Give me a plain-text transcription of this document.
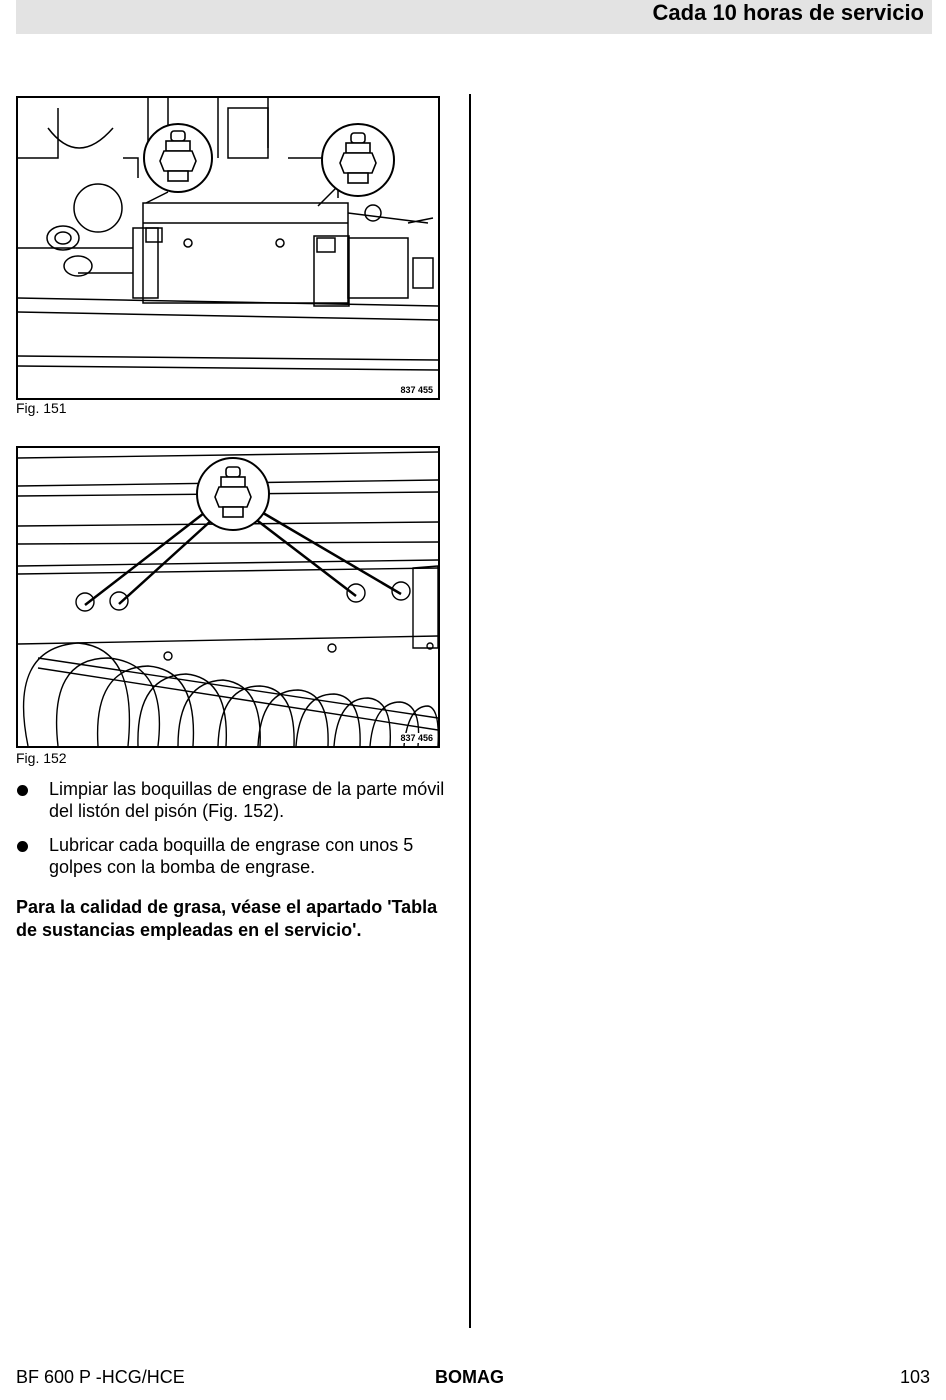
Cada 10 horas de servicio
837 455
Fig. 151
837 456
Fig. 152
Limpiar las boquillas de engrase de la parte móvil del listón del pisón (Fig. 152).
Lubricar cada boquilla de engrase con unos 5 golpes con la bomba de engrase.
Para la calidad de grasa, véase el apartado 'Tabla de sustancias empleadas en el servicio'.
BF 600 P -HCG/HCE	BOMAG	103
